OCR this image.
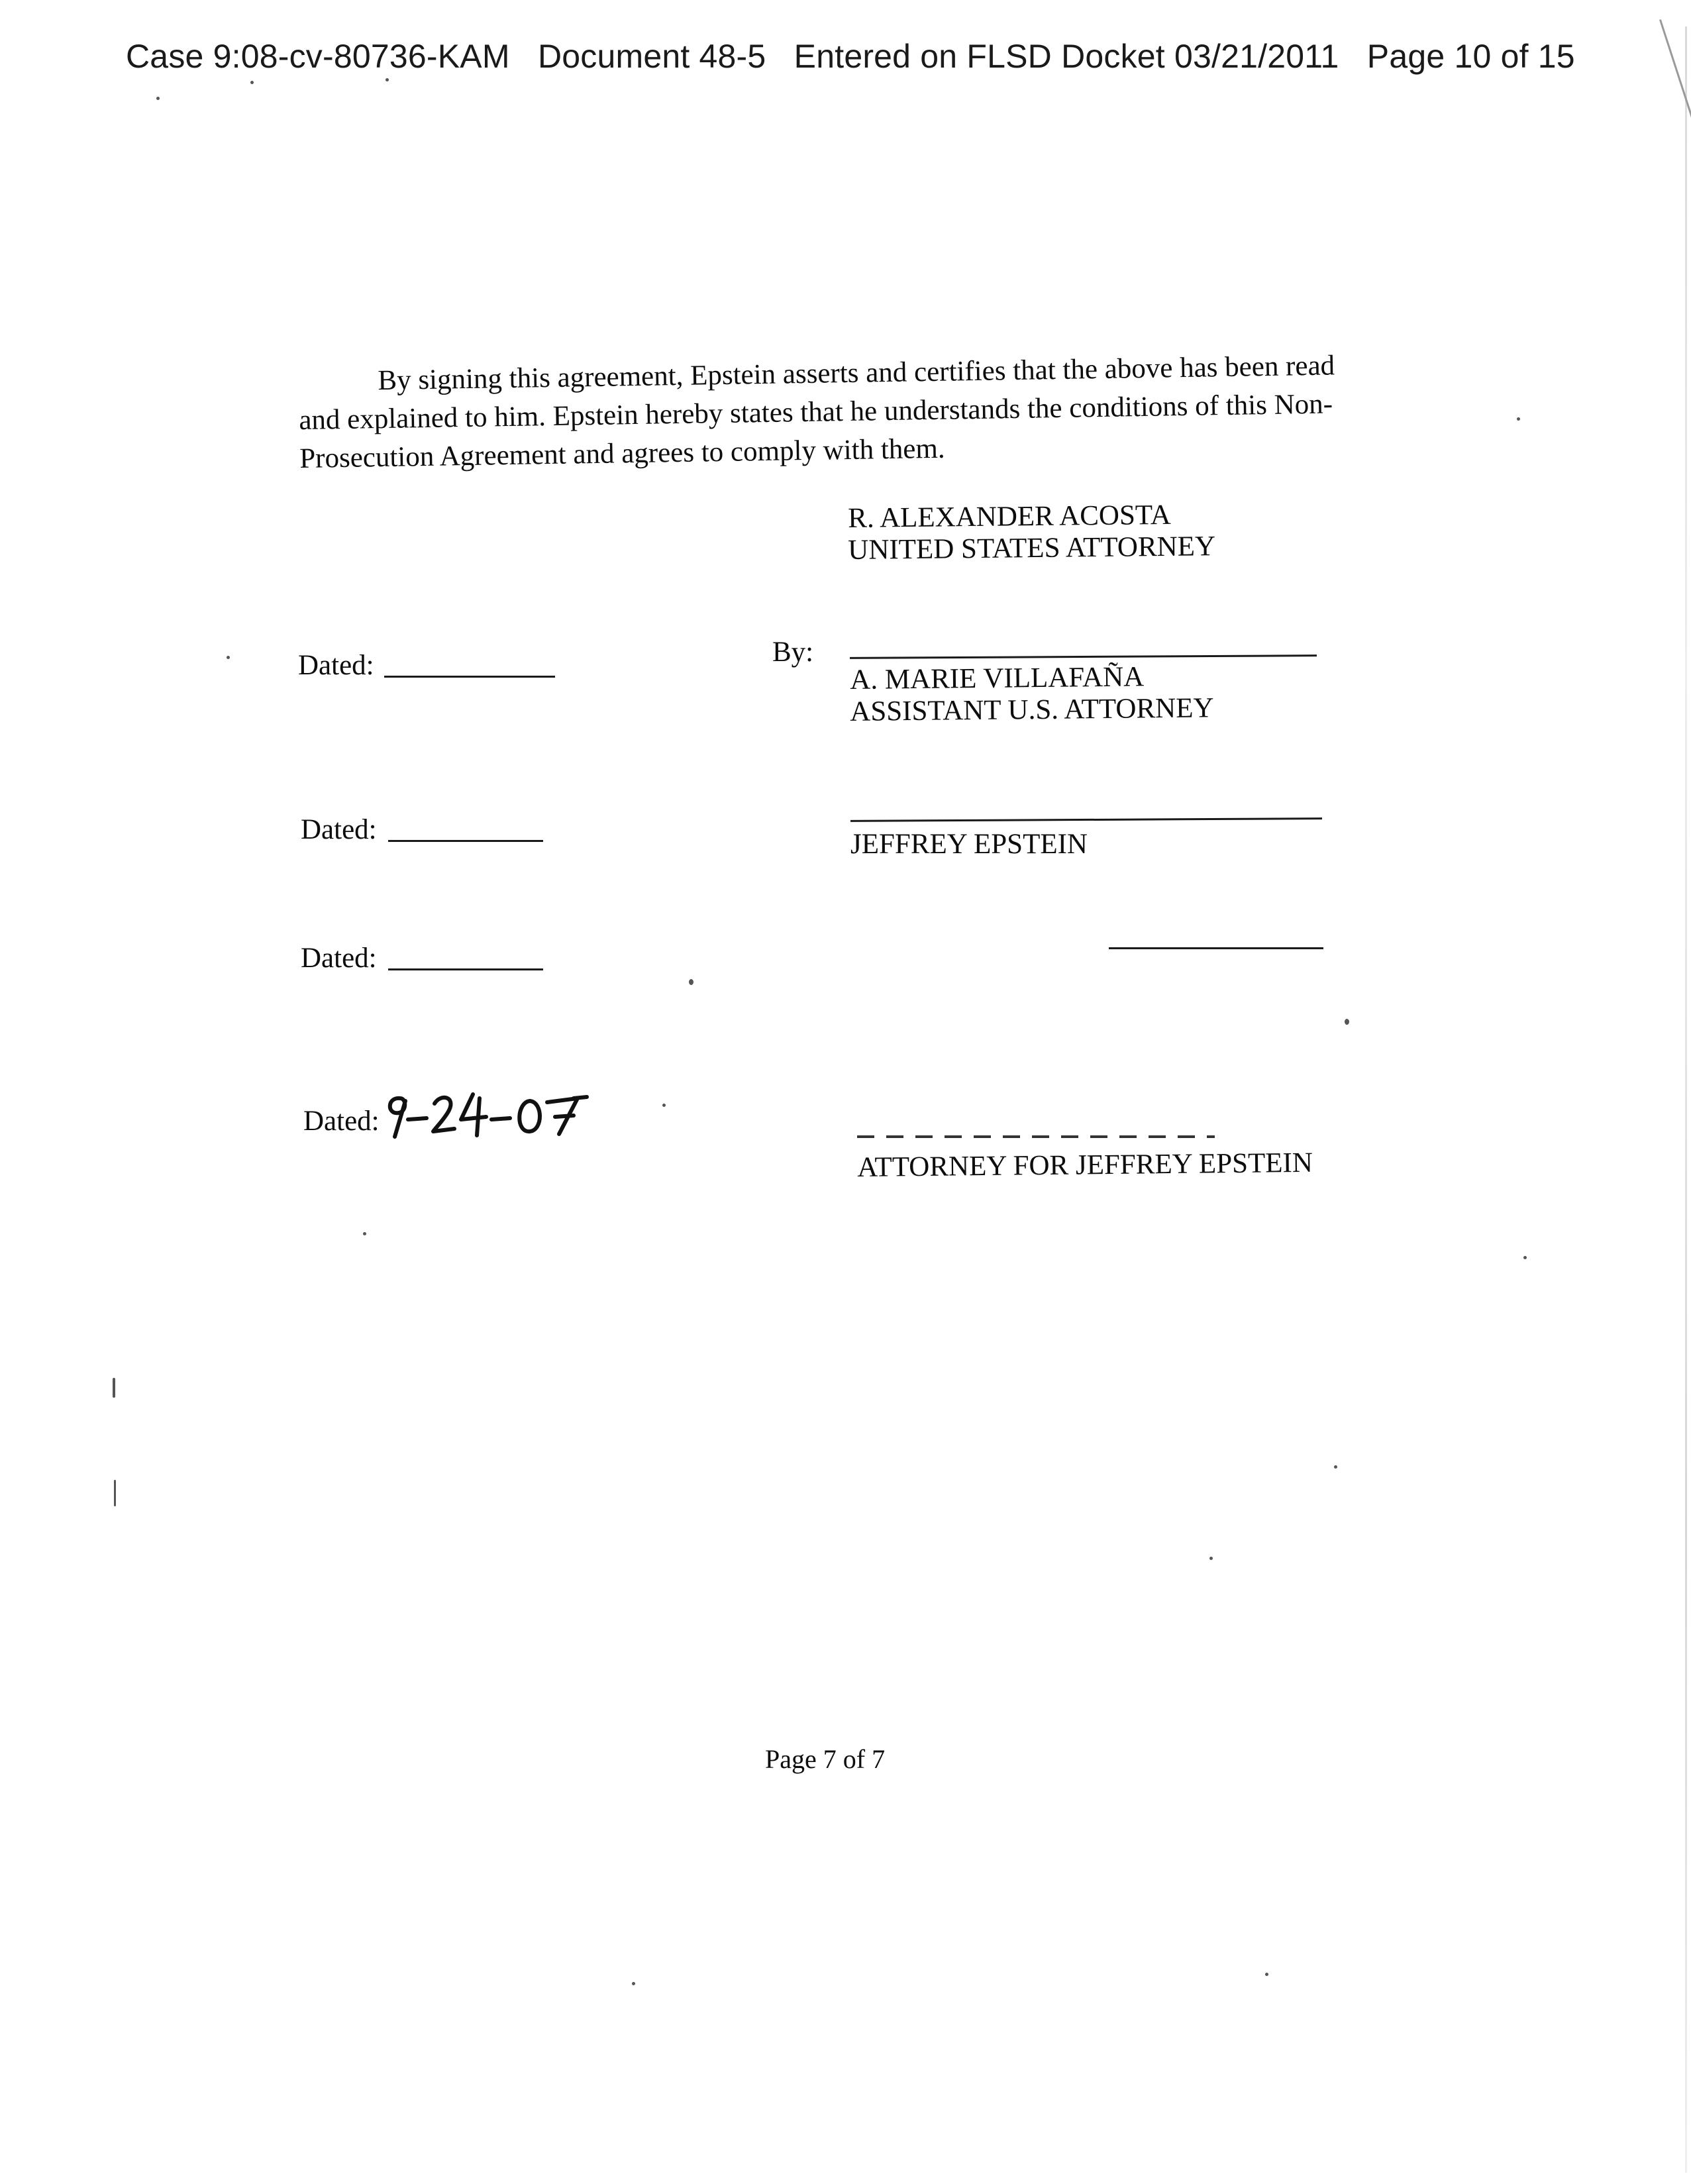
Case 9:08-cv-80736-KAM   Document 48-5   Entered on FLSD Docket 03/21/2011   Page 10 of 15
By signing this agreement, Epstein asserts and certifies that the above has been read
and explained to him. Epstein hereby states that he understands the conditions of this Non-
Prosecution Agreement and agrees to comply with them.
R. ALEXANDER ACOSTA
UNITED STATES ATTORNEY
Dated:	By:
A. MARIE VILLAFAÑA
ASSISTANT U.S. ATTORNEY
Dated:	JEFFREY EPSTEIN
Dated:
Dated:
ATTORNEY FOR JEFFREY EPSTEIN
Page 7 of 7
